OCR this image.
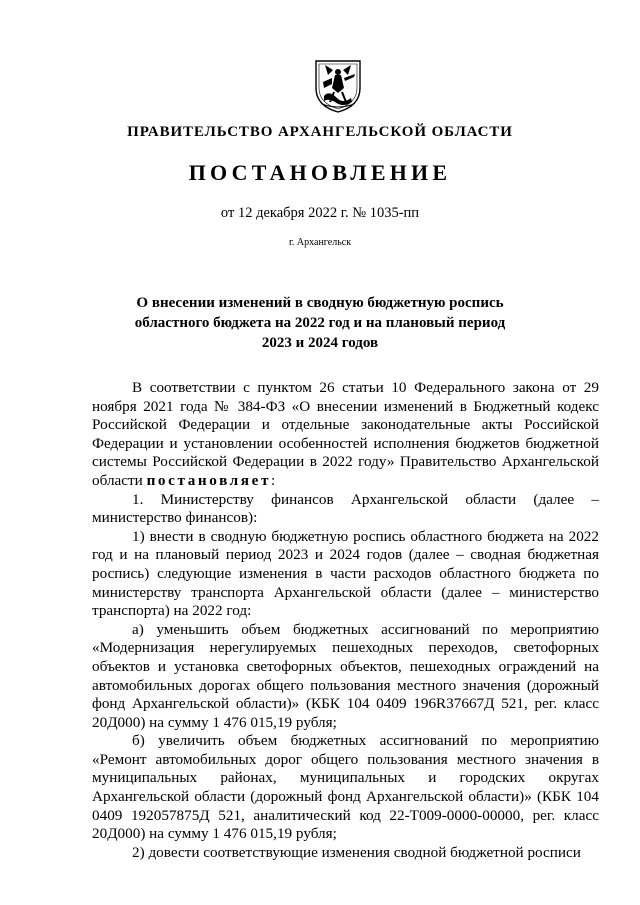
ПРАВИТЕЛЬСТВО АРХАНГЕЛЬСКОЙ ОБЛАСТИ
ПОСТАНОВЛЕНИЕ
от 12 декабря 2022 г. № 1035-пп
г. Архангельск
О внесении изменений в сводную бюджетную роспись
областного бюджета на 2022 год и на плановый период
2023 и 2024 годов

В соответствии с пунктом 26 статьи 10 Федерального закона от 29 ноября 2021 года № 384-ФЗ «О внесении изменений в Бюджетный кодекс Российской Федерации и отдельные законодательные акты Российской Федерации и установлении особенностей исполнения бюджетов бюджетной системы Российской Федерации в 2022 году» Правительство Архангельской области постановляет:

1. Министерству финансов Архангельской области (далее – министерство финансов):

1) внести в сводную бюджетную роспись областного бюджета на 2022 год и на плановый период 2023 и 2024 годов (далее – сводная бюджетная роспись) следующие изменения в части расходов областного бюджета по министерству транспорта Архангельской области (далее – министерство транспорта) на 2022 год:

а) уменьшить объем бюджетных ассигнований по мероприятию «Модернизация нерегулируемых пешеходных переходов, светофорных объектов и установка светофорных объектов, пешеходных ограждений на автомобильных дорогах общего пользования местного значения (дорожный фонд Архангельской области)» (КБК 104 0409 196R37667Д 521, рег. класс 20Д000) на сумму 1 476 015,19 рубля;

б) увеличить объем бюджетных ассигнований по мероприятию «Ремонт автомобильных дорог общего пользования местного значения в муниципальных районах, муниципальных и городских округах Архангельской области (дорожный фонд Архангельской области)» (КБК 104 0409 192057875Д 521, аналитический код 22-Т009-0000-00000, рег. класс 20Д000) на сумму 1 476 015,19 рубля;

2) довести соответствующие изменения сводной бюджетной росписи
